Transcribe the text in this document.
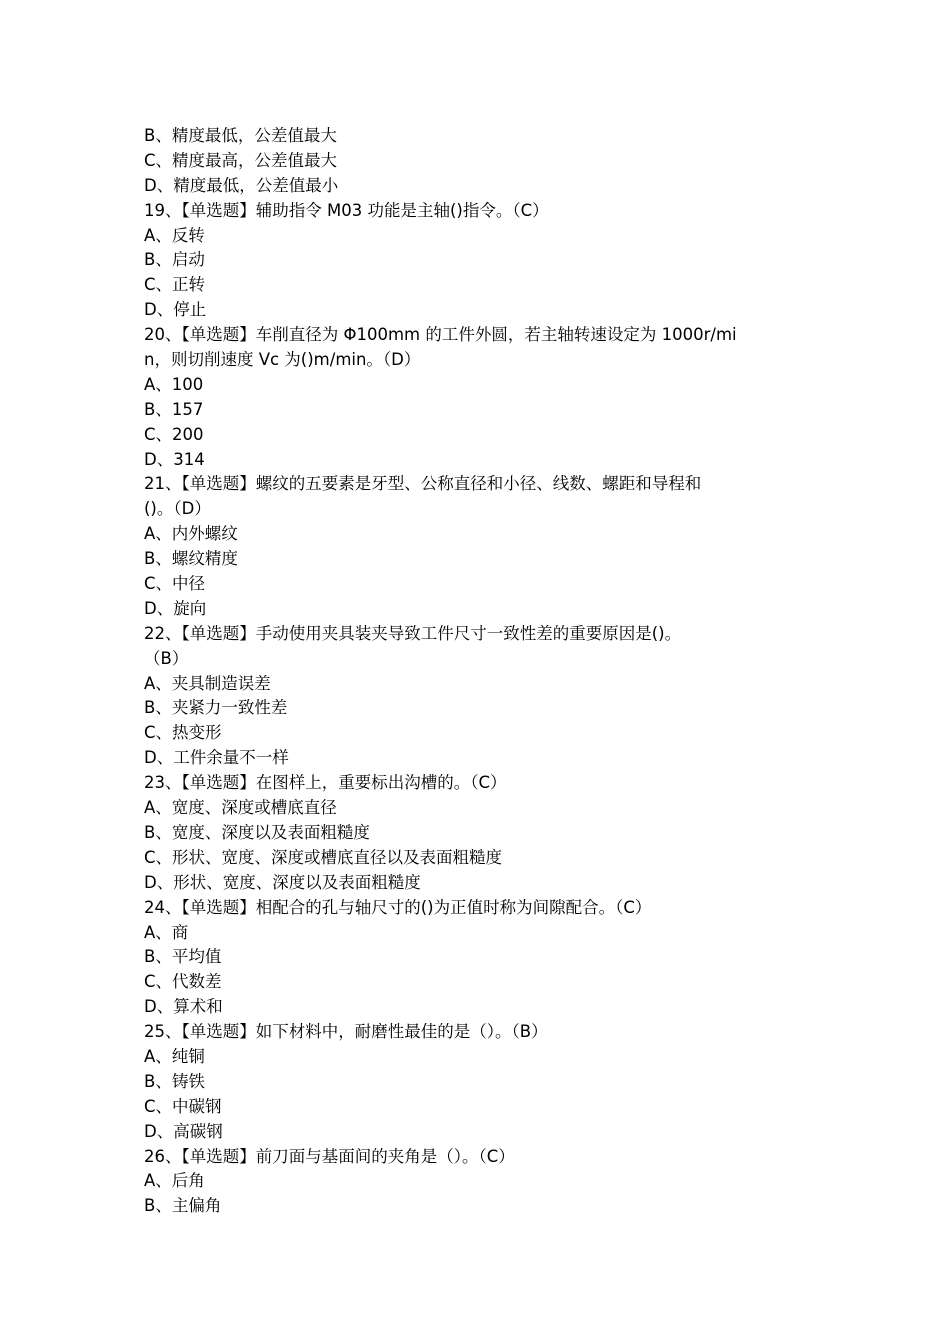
B、精度最低，公差值最大
C、精度最高，公差值最大
D、精度最低，公差值最小
19、【单选题】辅助指令 M03 功能是主轴()指令。（C）
A、反转
B、启动
C、正转
D、停止
20、【单选题】车削直径为 Φ100mm 的工件外圆，若主轴转速设定为 1000r/mi
n，则切削速度 Vc 为()m/min。（D）
A、100
B、157
C、200
D、314
21、【单选题】螺纹的五要素是牙型、公称直径和小径、线数、螺距和导程和
()。（D）
A、内外螺纹
B、螺纹精度
C、中径
D、旋向
22、【单选题】手动使用夹具装夹导致工件尺寸一致性差的重要原因是()。
（B）
A、夹具制造误差
B、夹紧力一致性差
C、热变形
D、工件余量不一样
23、【单选题】在图样上，重要标出沟槽的。（C）
A、宽度、深度或槽底直径
B、宽度、深度以及表面粗糙度
C、形状、宽度、深度或槽底直径以及表面粗糙度
D、形状、宽度、深度以及表面粗糙度
24、【单选题】相配合的孔与轴尺寸的()为正值时称为间隙配合。（C）
A、商
B、平均值
C、代数差
D、算术和
25、【单选题】如下材料中，耐磨性最佳的是（）。（B）
A、纯铜
B、铸铁
C、中碳钢
D、高碳钢
26、【单选题】前刀面与基面间的夹角是（）。（C）
A、后角
B、主偏角
